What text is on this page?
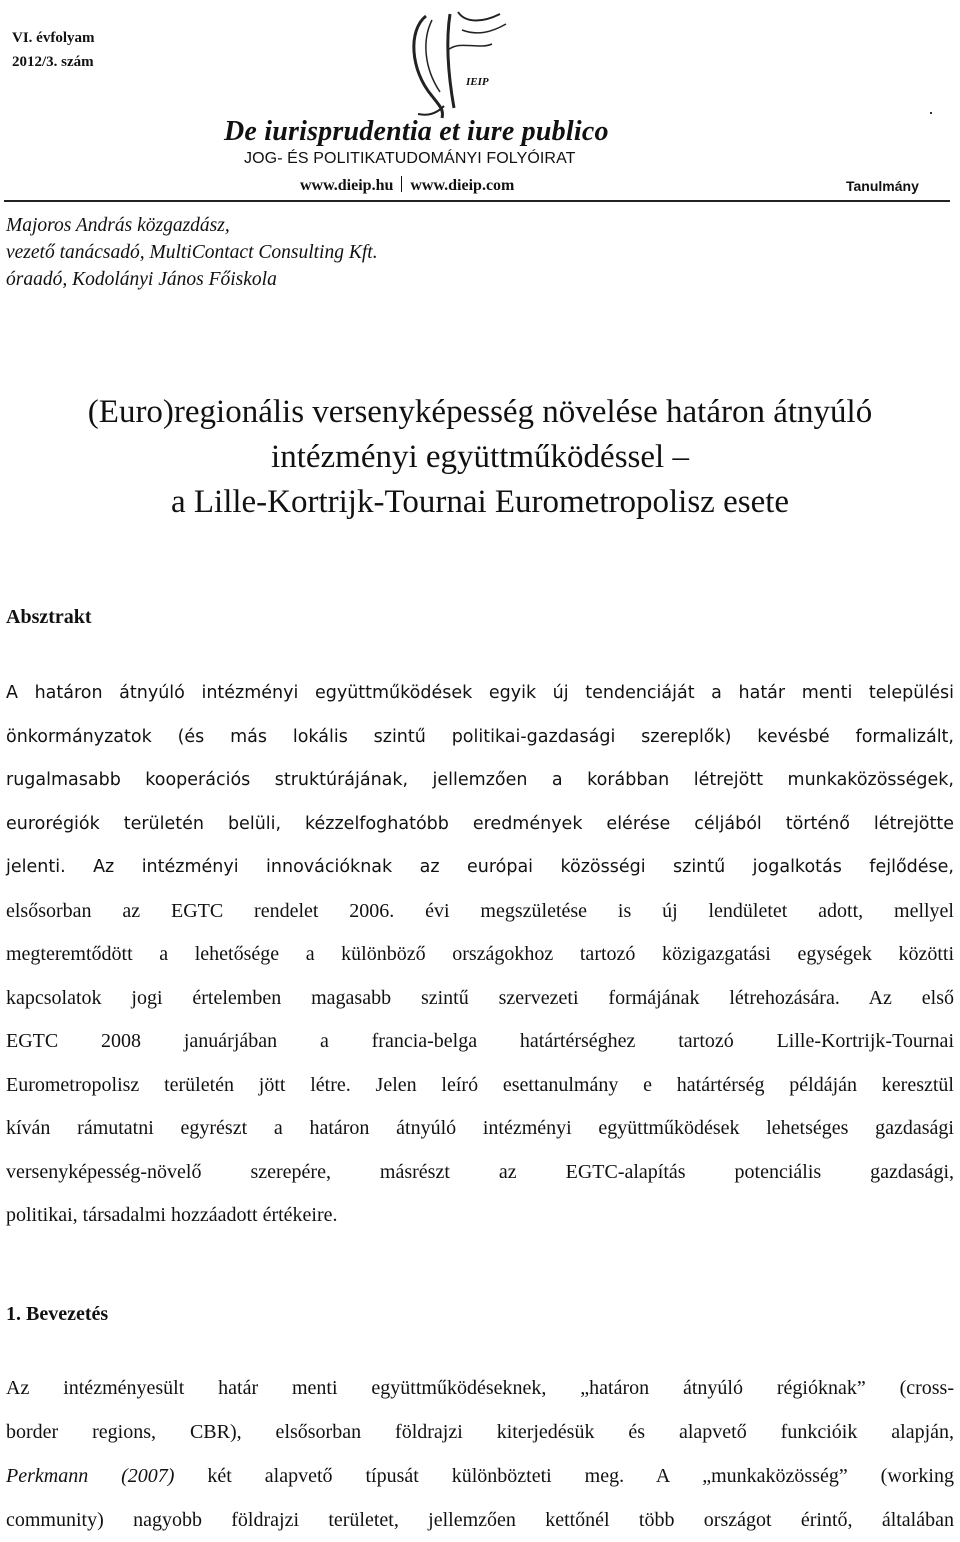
VI. évfolyam
2012/3. szám
IEIP
De iurisprudentia et iure publico
JOG- ÉS POLITIKATUDOMÁNYI FOLYÓIRAT
www.dieip.hu www.dieip.com	Tanulmány
Majoros András közgazdász,
vezető tanácsadó, MultiContact Consulting Kft.
óraadó, Kodolányi János Főiskola
(Euro)regionális versenyképesség növelése határon átnyúló
intézményi együttműködéssel –
a Lille-Kortrijk-Tournai Eurometropolisz esete
Absztrakt
A határon átnyúló intézményi együttműködések egyik új tendenciáját a határ menti települési
önkormányzatok (és más lokális szintű politikai-gazdasági szereplők) kevésbé formalizált,
rugalmasabb kooperációs struktúrájának, jellemzően a korábban létrejött munkaközösségek,
eurorégiók területén belüli, kézzelfoghatóbb eredmények elérése céljából történő létrejötte
jelenti. Az intézményi innovációknak az európai közösségi szintű jogalkotás fejlődése,
elsősorban az EGTC rendelet 2006. évi megszületése is új lendületet adott, mellyel
megteremtődött a lehetősége a különböző országokhoz tartozó közigazgatási egységek közötti
kapcsolatok jogi értelemben magasabb szintű szervezeti formájának létrehozására. Az első
EGTC 2008 januárjában a francia-belga határtérséghez tartozó Lille-Kortrijk-Tournai
Eurometropolisz területén jött létre. Jelen leíró esettanulmány e határtérség példáján keresztül
kíván rámutatni egyrészt a határon átnyúló intézményi együttműködések lehetséges gazdasági
versenyképesség-növelő szerepére, másrészt az EGTC-alapítás potenciális gazdasági,
politikai, társadalmi hozzáadott értékeire.
1. Bevezetés
Az intézményesült határ menti együttműködéseknek, „határon átnyúló régióknak” (cross-
border regions, CBR), elsősorban földrajzi kiterjedésük és alapvető funkcióik alapján,
Perkmann (2007) két alapvető típusát különbözteti meg. A „munkaközösség” (working
community) nagyobb földrajzi területet, jellemzően kettőnél több országot érintő, általában
